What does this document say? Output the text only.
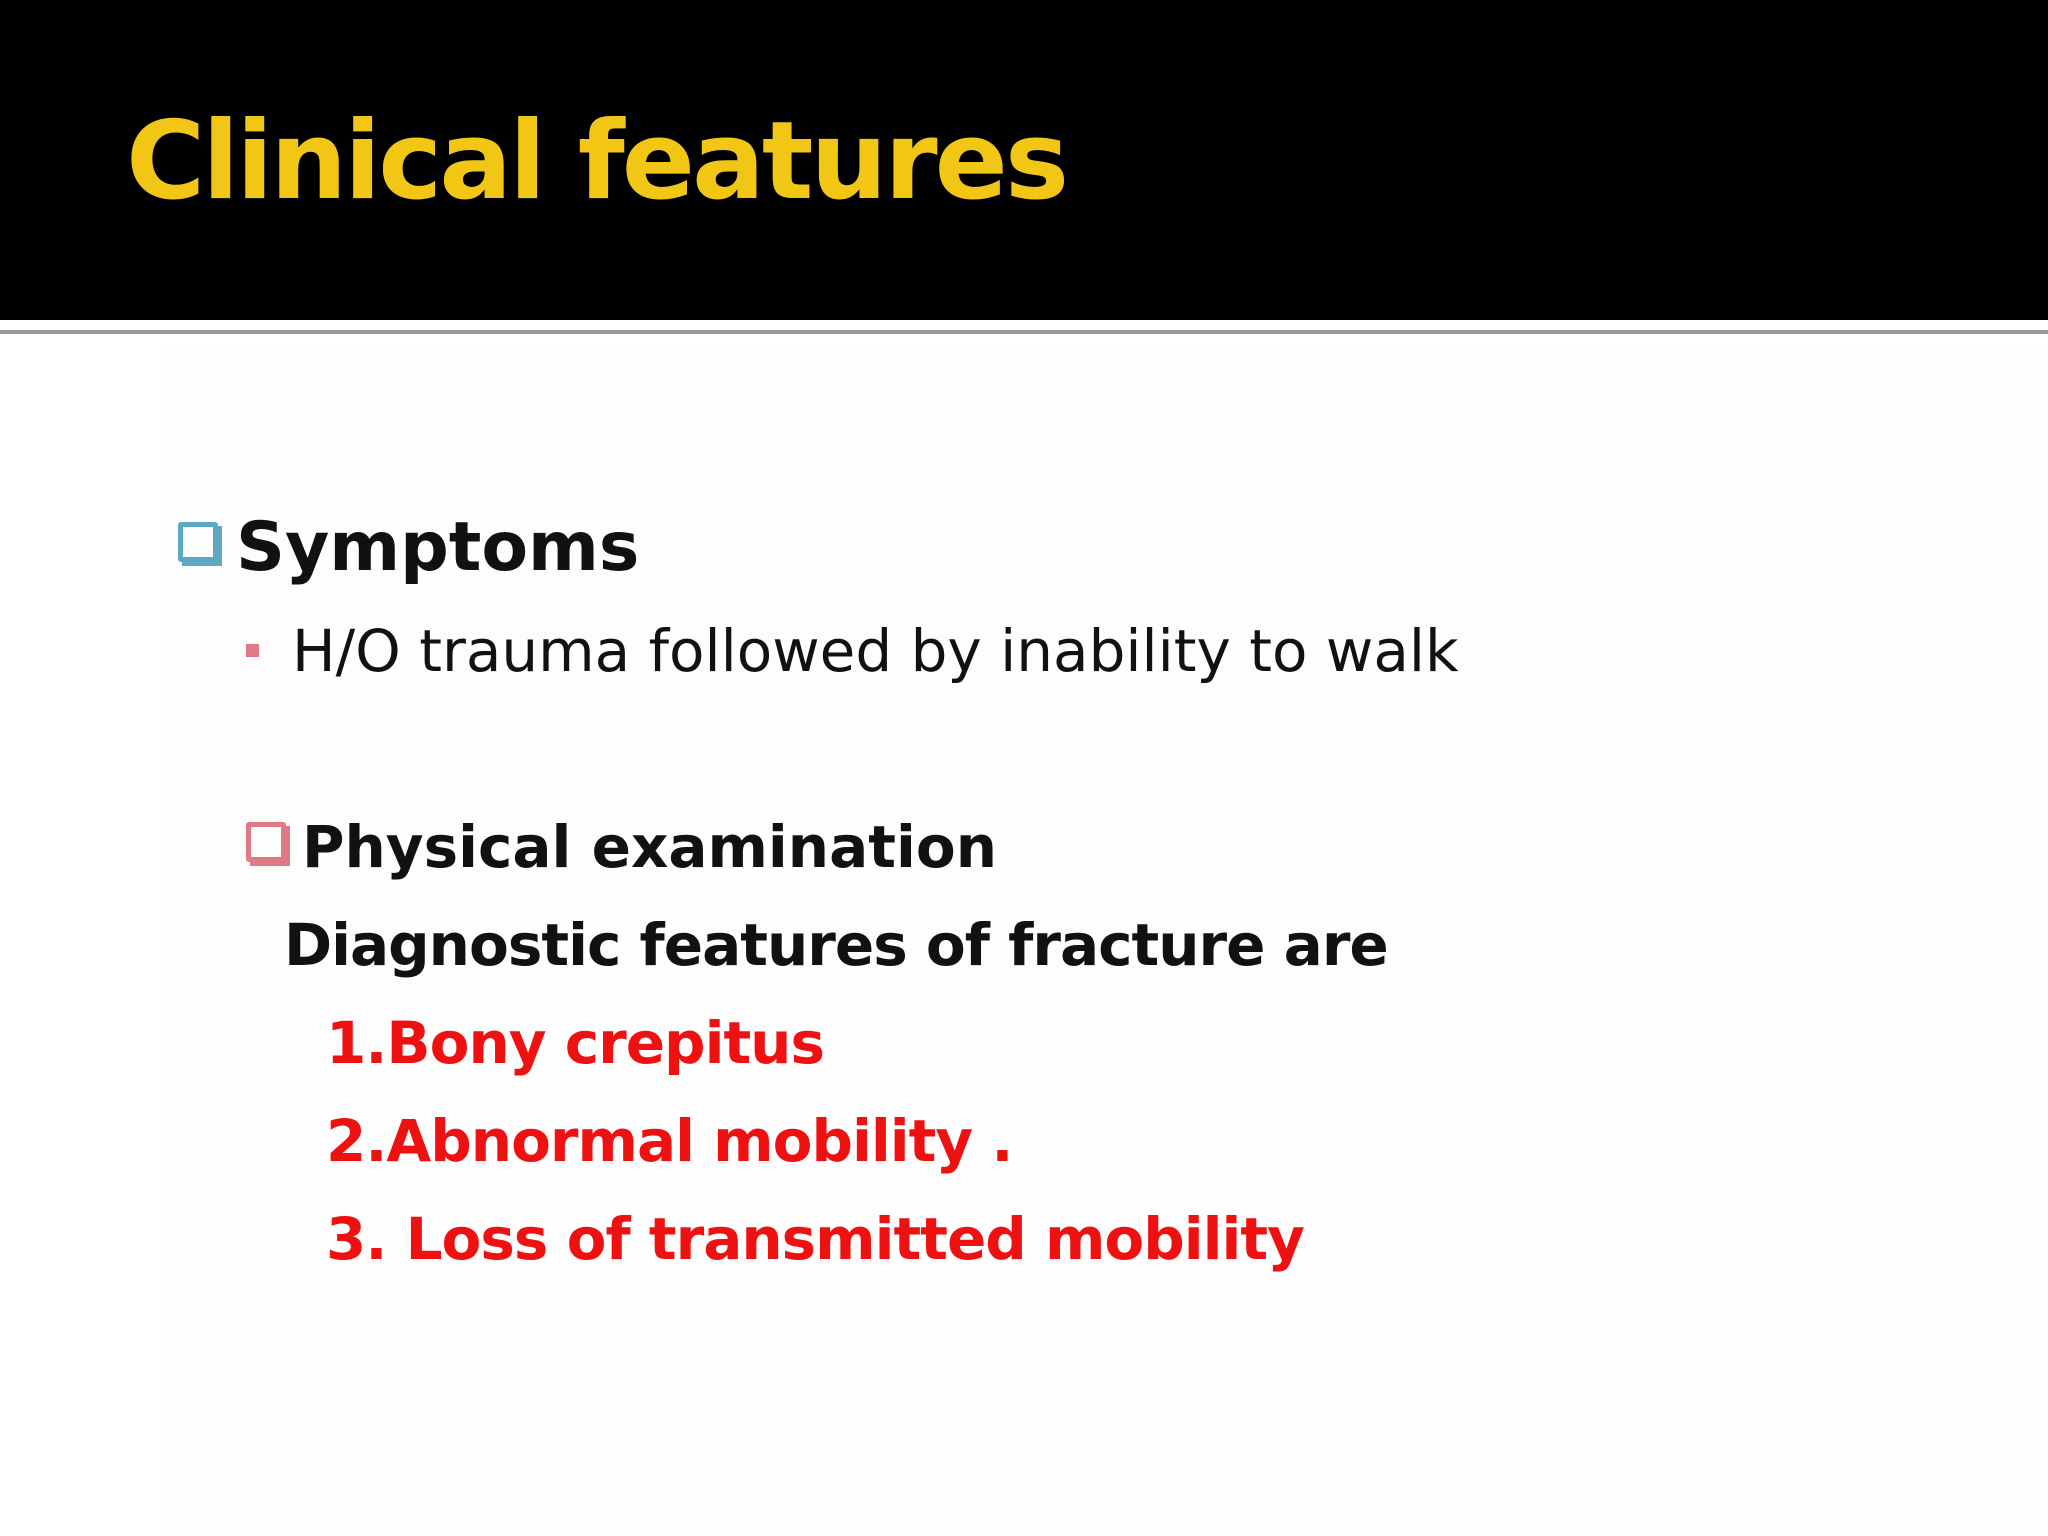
Clinical features
Symptoms

H/O trauma followed by inability to walk

Physical examination

Diagnostic features of fracture are

1.Bony crepitus

2.Abnormal mobility .

3. Loss of transmitted mobility
